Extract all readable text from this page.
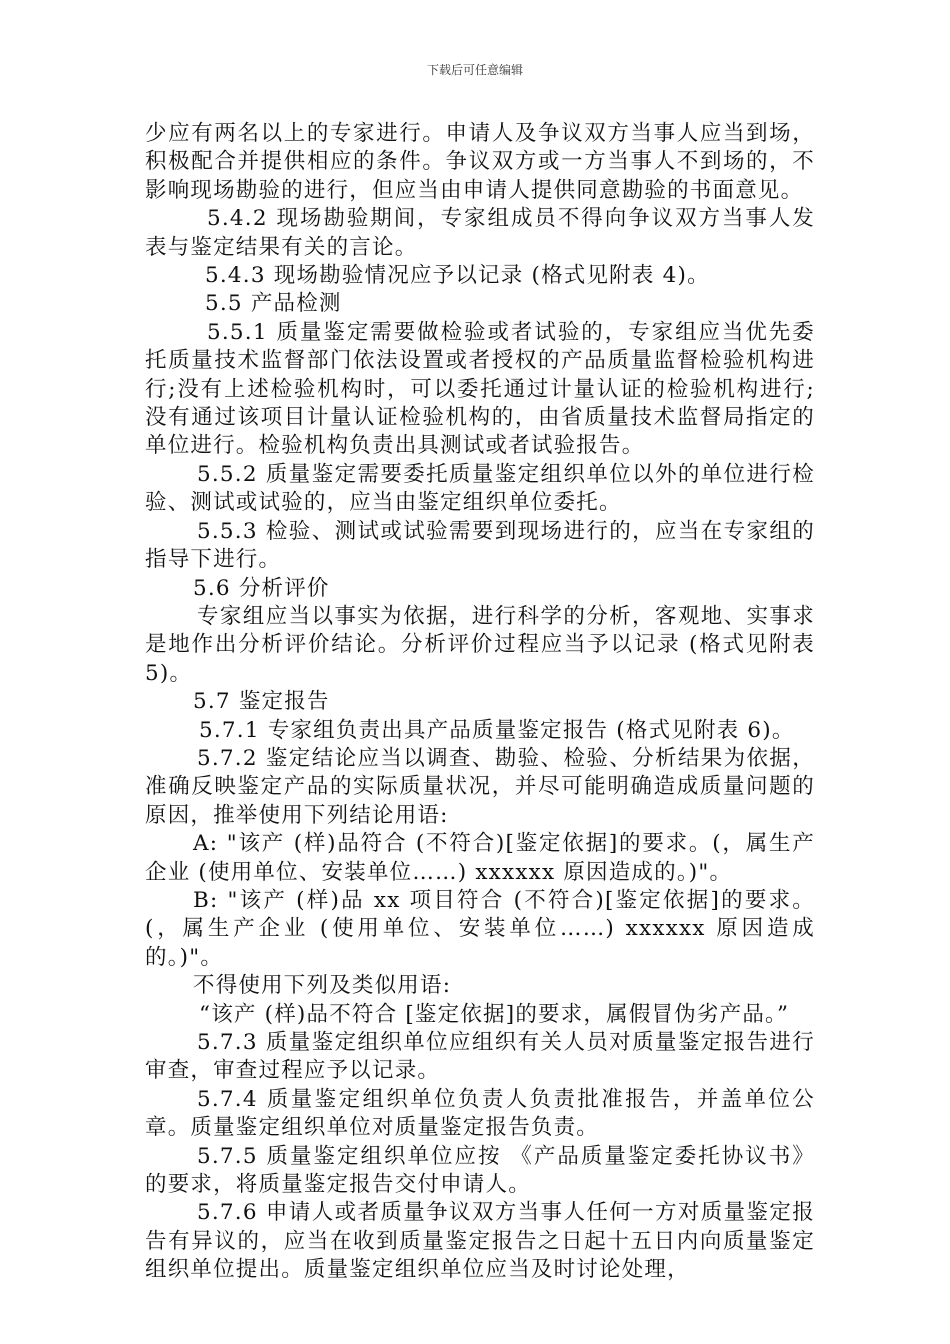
下载后可任意编辑

少应有两名以上的专家进行。申请人及争议双方当事人应当到场，积极配合并提供相应的条件。争议双方或一方当事人不到场的，不影响现场勘验的进行，但应当由申请人提供同意勘验的书面意见。

5.4.2 现场勘验期间，专家组成员不得向争议双方当事人发表与鉴定结果有关的言论。

5.4.3 现场勘验情况应予以记录 (格式见附表 4)。

5.5 产品检测

5.5.1 质量鉴定需要做检验或者试验的，专家组应当优先委托质量技术监督部门依法设置或者授权的产品质量监督检验机构进行;没有上述检验机构时，可以委托通过计量认证的检验机构进行;没有通过该项目计量认证检验机构的，由省质量技术监督局指定的单位进行。检验机构负责出具测试或者试验报告。

5.5.2 质量鉴定需要委托质量鉴定组织单位以外的单位进行检验、测试或试验的，应当由鉴定组织单位委托。

5.5.3 检验、测试或试验需要到现场进行的，应当在专家组的指导下进行。

5.6 分析评价

专家组应当以事实为依据，进行科学的分析，客观地、实事求是地作出分析评价结论。分析评价过程应当予以记录 (格式见附表 5)。

5.7 鉴定报告

5.7.1 专家组负责出具产品质量鉴定报告 (格式见附表 6)。

5.7.2 鉴定结论应当以调查、勘验、检验、分析结果为依据，准确反映鉴定产品的实际质量状况，并尽可能明确造成质量问题的原因，推举使用下列结论用语:

A: "该产 (样)品符合 (不符合)[鉴定依据]的要求。(，属生产企业 (使用单位、安装单位……) xxxxxx 原因造成的。)"。

B: "该产 (样)品 xx 项目符合 (不符合)[鉴定依据]的要求。(，属生产企业 (使用单位、安装单位……) xxxxxx 原因造成的。)"。

不得使用下列及类似用语:

“该产 (样)品不符合 [鉴定依据]的要求，属假冒伪劣产品。”

5.7.3 质量鉴定组织单位应组织有关人员对质量鉴定报告进行审查，审查过程应予以记录。

5.7.4 质量鉴定组织单位负责人负责批准报告，并盖单位公章。质量鉴定组织单位对质量鉴定报告负责。

5.7.5 质量鉴定组织单位应按 《产品质量鉴定委托协议书》的要求，将质量鉴定报告交付申请人。

5.7.6 申请人或者质量争议双方当事人任何一方对质量鉴定报告有异议的，应当在收到质量鉴定报告之日起十五日内向质量鉴定组织单位提出。质量鉴定组织单位应当及时讨论处理，
